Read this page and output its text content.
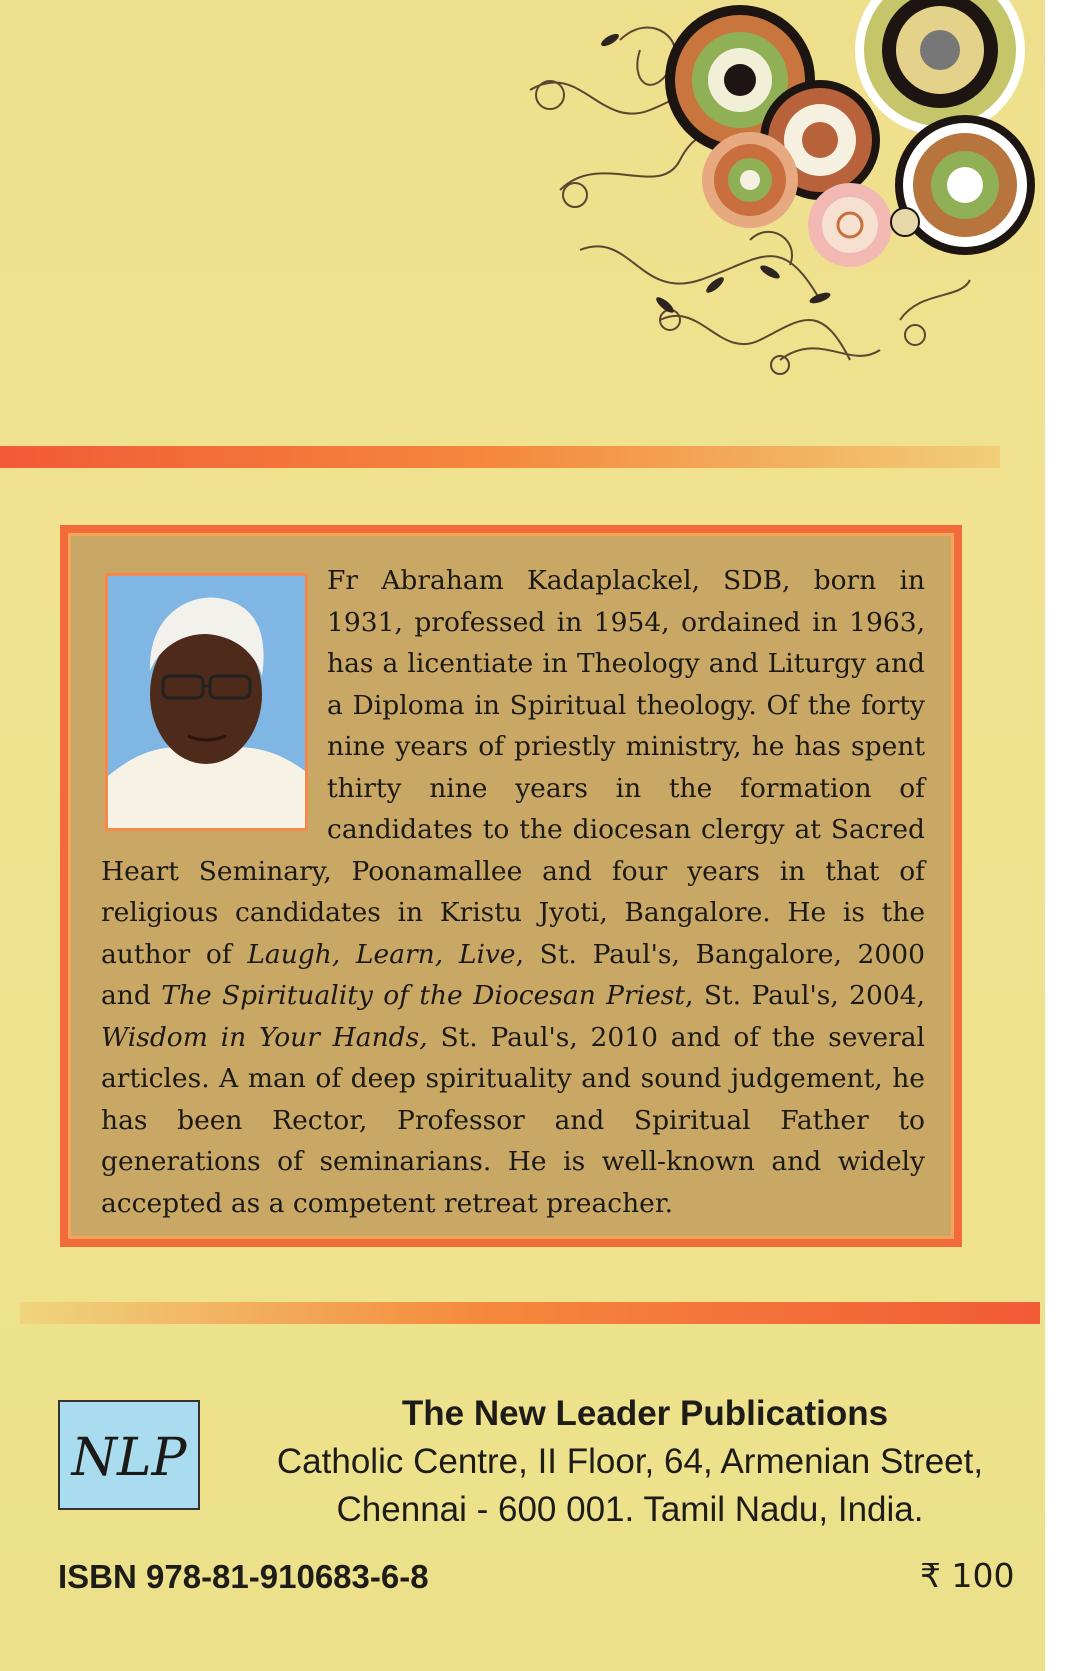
Fr Abraham Kadaplackel, SDB, born in 1931, professed in 1954, ordained in 1963, has a licentiate in Theology and Liturgy and a Diploma in Spiritual theology. Of the forty nine years of priestly ministry, he has spent thirty nine years in the formation of candidates to the diocesan clergy at Sacred Heart Seminary, Poonamallee and four years in that of religious candidates in Kristu Jyoti, Bangalore. He is the author of Laugh, Learn, Live, St. Paul's, Bangalore, 2000 and The Spirituality of the Diocesan Priest, St. Paul's, 2004, Wisdom in Your Hands, St. Paul's, 2010 and of the several articles. A man of deep spirituality and sound judgement, he has been Rector, Professor and Spiritual Father to generations of seminarians. He is well-known and widely accepted as a competent retreat preacher.

NLP
The New Leader Publications
Catholic Centre, II Floor, 64, Armenian Street,
Chennai - 600 001. Tamil Nadu, India.
ISBN 978-81-910683-6-8	₹ 100
